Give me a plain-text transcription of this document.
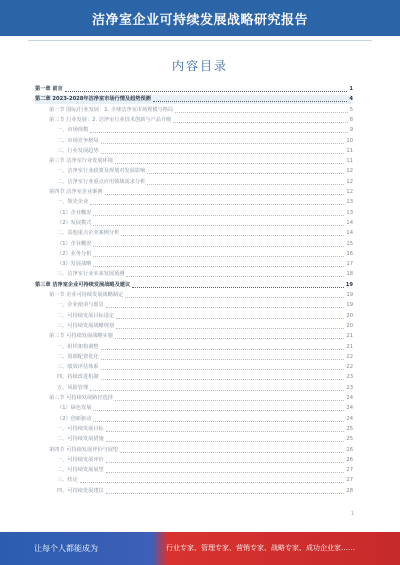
洁净室企业可持续发展战略研究报告
内容目录
第一章 前言	1
第二章 2023-2028年洁净室市场行情及趋势预测	4
第一节 国际/行业发展：1. 全球洁净室市场规模与格局	5
第二节 行业发展：2. 洁净室行业技术创新与产品升级	8
一、市场规模	9
二、市场竞争格局	10
三、行业发展趋势	11
第三节 洁净室行业发展环境	11
一、洁净室行业政策及规划对发展影响	12
二、洁净室行业重点应用领域需求分析	12
第四节 洁净室企业案例	12
一、领先企业	13
（1）企业概况	13
（2）发展模式	14
二、其他重点企业案例分析	14
（1）企业概况	15
（2）业务分析	16
（3）发展战略	17
三、洁净室行业未来发展预测	18
第三章 洁净室企业可持续发展战略及建议	19
第一节 企业可持续发展战略制定	19
一、企业使命与愿景	19
二、可持续发展目标设定	20
三、可持续发展战略规划	20
第二节 可持续发展战略实施	21
一、组织架构调整	21
二、资源配置优化	22
三、绩效评估体系	22
四、持续改进机制	23
五、风险管理	23
第三节 可持续发展路径选择	24
（1）绿色发展	24
（2）创新驱动	24
一、可持续发展目标	25
二、可持续发展措施	25
第四节 可持续发展评价与展望	26
一、可持续发展评价	26
二、可持续发展展望	27
三、结论	27
四、可持续发展建议	28
1
让每个人都能成为	行业专家、管理专家、营销专家、战略专家、成功企业家……
